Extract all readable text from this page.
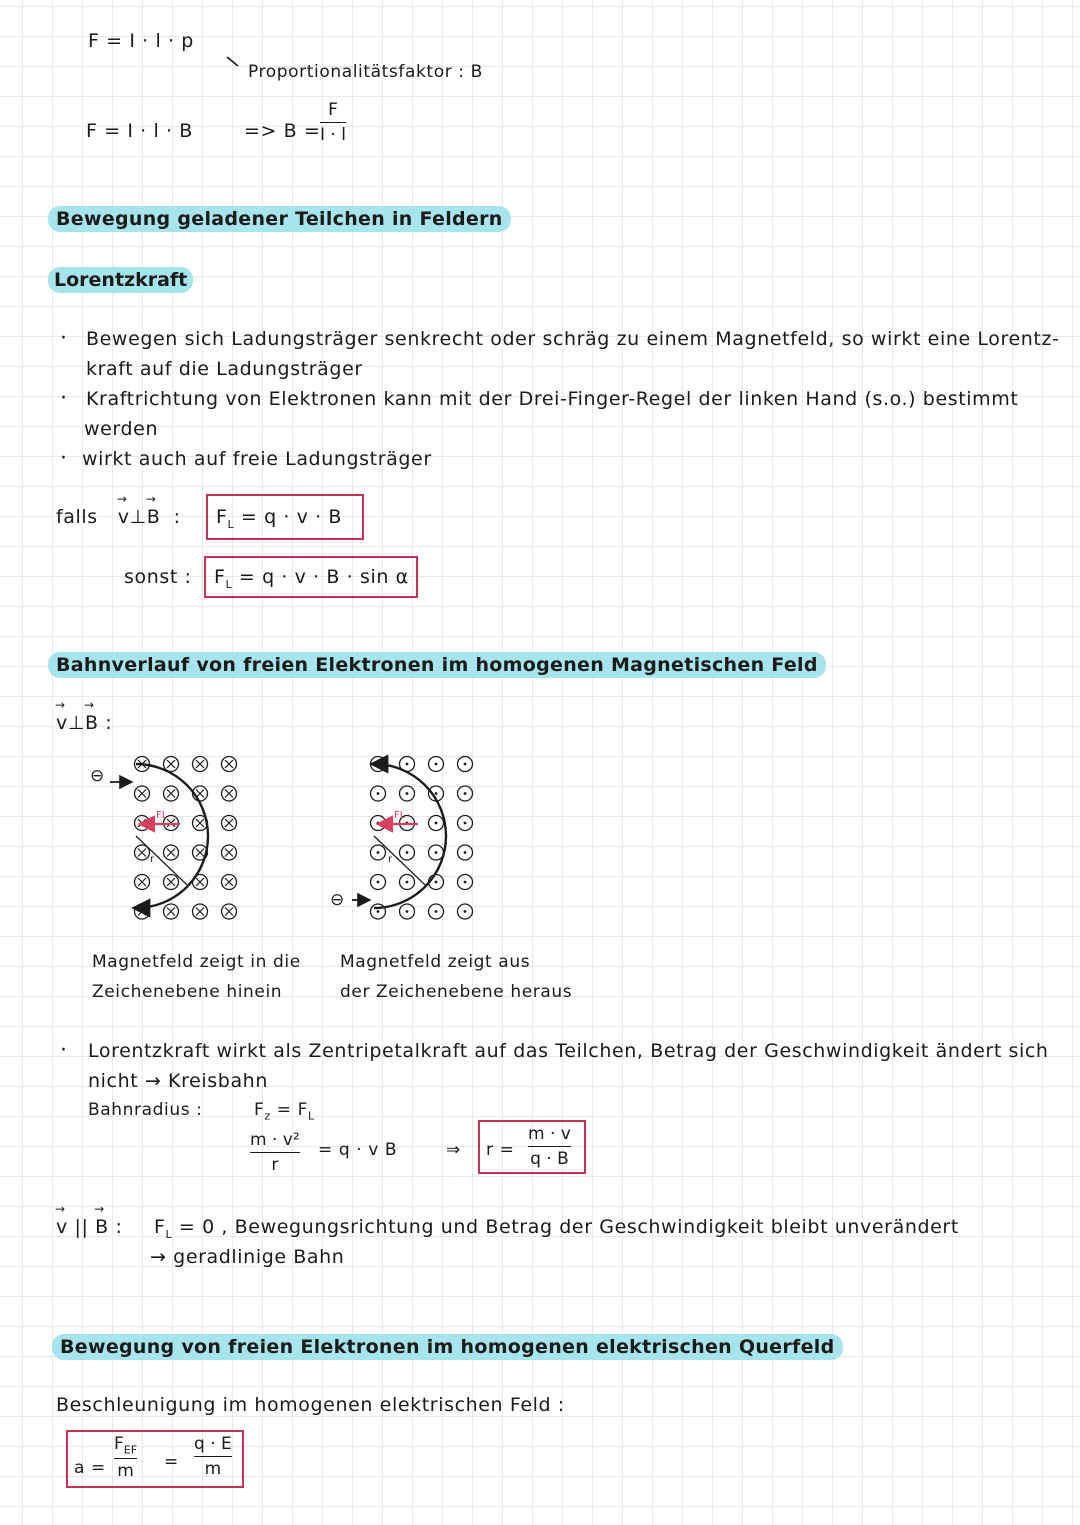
F = I · l · p
Proportionalitätsfaktor : B
F = I · l · B	=> B =
F
I · l
Bewegung geladener Teilchen in Feldern
Lorentzkraft
· Bewegen sich Ladungsträger senkrecht oder schräg zu einem Magnetfeld, so wirkt eine Lorentz-
kraft auf die Ladungsträger
· Kraftrichtung von Elektronen kann mit der Drei-Finger-Regel der linken Hand (s.o.) bestimmt
werden
· wirkt auch auf freie Ladungsträger
falls → v⊥→ B : $F_L = q \cdot v \cdot B$
sonst : $F_L = q \cdot v \cdot B \cdot \sin \alpha$
Bahnverlauf von freien Elektronen im homogenen Magnetischen Feld
→ v⊥→ B :
r
FL
⊖
r
FL
⊖
Magnetfeld zeigt in die
Zeichenebene hinein
Magnetfeld zeigt aus
der Zeichenebene heraus
· Lorentzkraft wirkt als Zentripetalkraft auf das Teilchen, Betrag der Geschwindigkeit ändert sich
nicht → Kreisbahn
Bahnradius :	$F_z = F_L$
m · v²
r
= q · v B	⇒ r =
m · v
q · B
→ v || → B : $F_L = 0$ , Bewegungsrichtung und Betrag der Geschwindigkeit bleibt unverändert
→ geradlinige Bahn
Bewegung von freien Elektronen im homogenen elektrischen Querfeld
Beschleunigung im homogenen elektrischen Feld :
a =
$F_{EF}$
m =
q · E
m
